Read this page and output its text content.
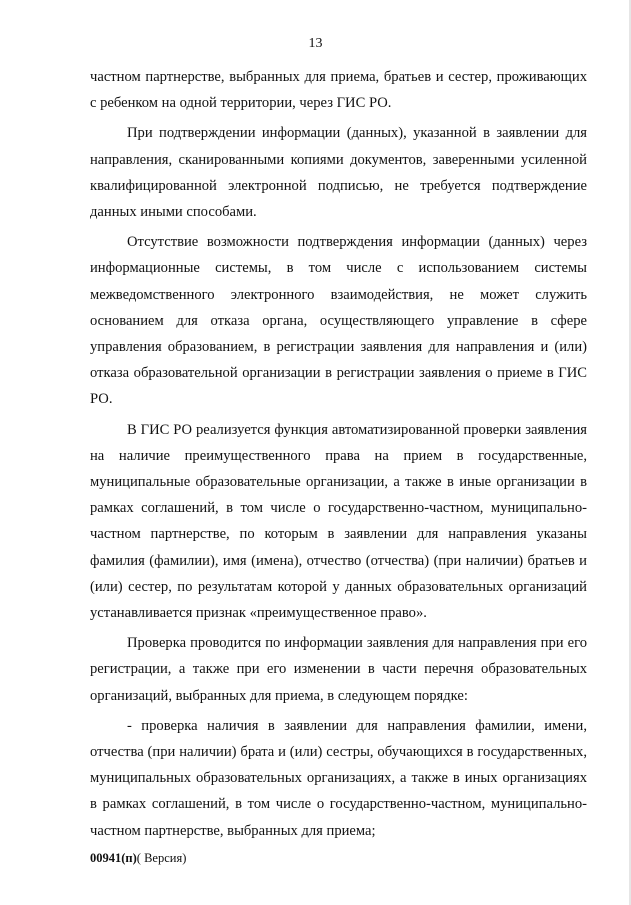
13

частном партнерстве, выбранных для приема, братьев и сестер, проживающих с ребенком на одной территории, через ГИС РО.

При подтверждении информации (данных), указанной в заявлении для направления, сканированными копиями документов, заверенными усиленной квалифицированной электронной подписью, не требуется подтверждение данных иными способами.

Отсутствие возможности подтверждения информации (данных) через информационные системы, в том числе с использованием системы межведомственного электронного взаимодействия, не может служить основанием для отказа органа, осуществляющего управление в сфере управления образованием, в регистрации заявления для направления и (или) отказа образовательной организации в регистрации заявления о приеме в ГИС РО.

В ГИС РО реализуется функция автоматизированной проверки заявления на наличие преимущественного права на прием в государственные, муниципальные образовательные организации, а также в иные организации в рамках соглашений, в том числе о государственно-частном, муниципально-частном партнерстве, по которым в заявлении для направления указаны фамилия (фамилии), имя (имена), отчество (отчества) (при наличии) братьев и (или) сестер, по результатам которой у данных образовательных организаций устанавливается признак «преимущественное право».

Проверка проводится по информации заявления для направления при его регистрации, а также при его изменении в части перечня образовательных организаций, выбранных для приема, в следующем порядке:

- проверка наличия в заявлении для направления фамилии, имени, отчества (при наличии) брата и (или) сестры, обучающихся в государственных, муниципальных образовательных организациях, а также в иных организациях в рамках соглашений, в том числе о государственно-частном, муниципально-частном партнерстве, выбранных для приема;

00941(п)( Версия)
